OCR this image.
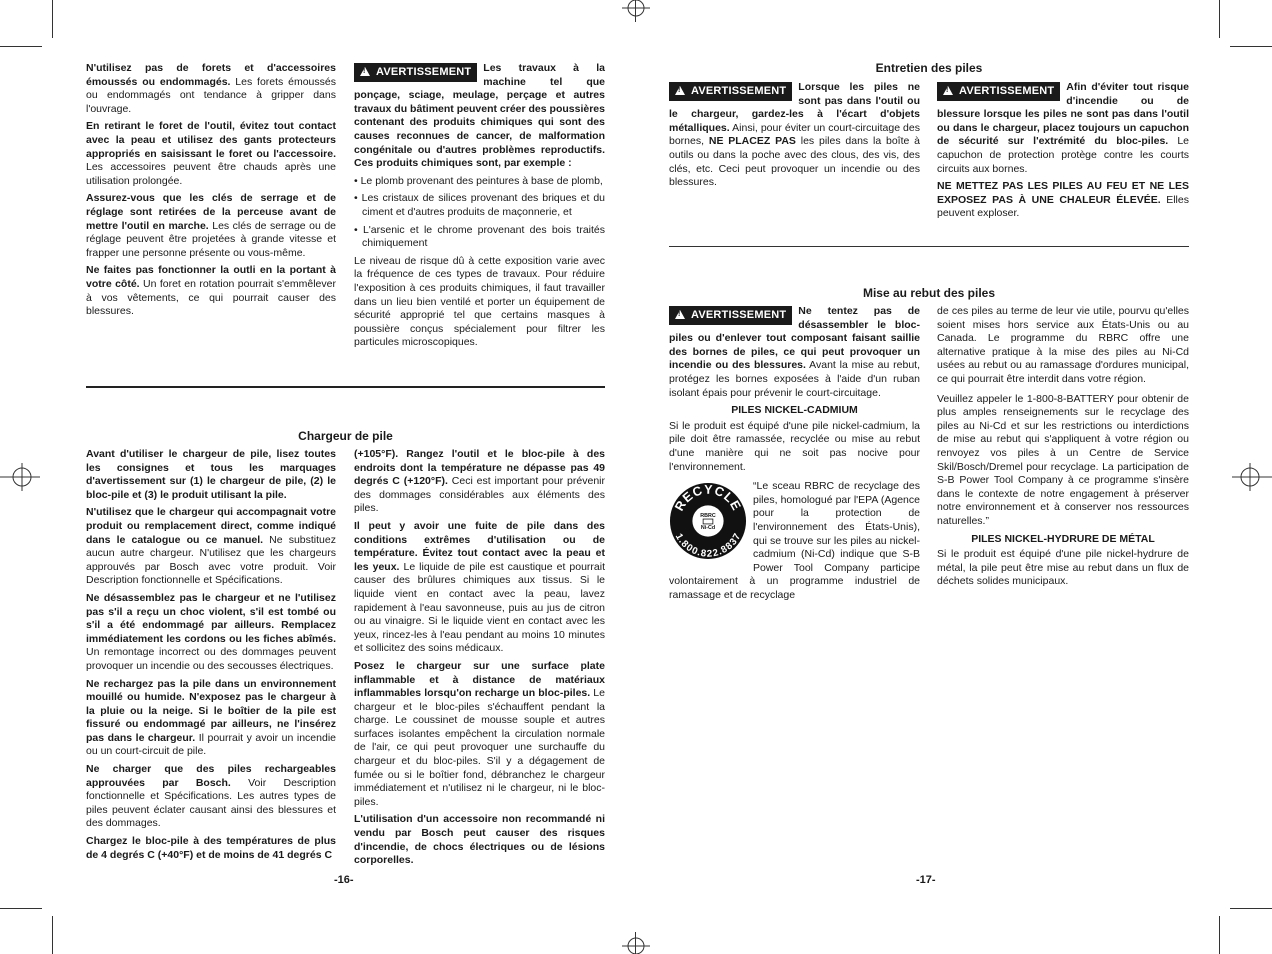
N'utilisez pas de forets et d'accessoires émoussés ou endommagés. Les forets émoussés ou endommagés ont tendance à gripper dans l'ouvrage.

En retirant le foret de l'outil, évitez tout contact avec la peau et utilisez des gants protecteurs appropriés en saisissant le foret ou l'accessoire. Les accessoires peuvent être chauds après une utilisation prolongée.

Assurez-vous que les clés de serrage et de réglage sont retirées de la perceuse avant de mettre l'outil en marche. Les clés de serrage ou de réglage peuvent être projetées à grande vitesse et frapper une personne présente ou vous-même.

Ne faites pas fonctionner la outli en la portant à votre côté. Un foret en rotation pourrait s'emmêlever à vos vêtements, ce qui pourrait causer des blessures.

!AVERTISSEMENT	Les travaux à la machine tel que ponçage, sciage, meulage, perçage et autres travaux du bâtiment peuvent créer des poussières contenant des produits chimiques qui sont des causes reconnues de cancer, de malformation congénitale ou d'autres problèmes reproductifs. Ces produits chimiques sont, par exemple :

• Le plomb provenant des peintures à base de plomb,

• Les cristaux de silices provenant des briques et du ciment et d'autres produits de maçonnerie, et

• L'arsenic et le chrome provenant des bois traités chimiquement

Le niveau de risque dû à cette exposition varie avec la fréquence de ces types de travaux. Pour réduire l'exposition à ces produits chimiques, il faut travailler dans un lieu bien ventilé et porter un équipement de sécurité approprié tel que certains masques à poussière conçus spécialement pour filtrer les particules microscopiques.

Chargeur de pile

Avant d'utiliser le chargeur de pile, lisez toutes les consignes et tous les marquages d'avertissement sur (1) le chargeur de pile, (2) le bloc-pile et (3) le produit utilisant la pile.

N'utilisez que le chargeur qui accompagnait votre produit ou remplacement direct, comme indiqué dans le catalogue ou ce manuel. Ne substituez aucun autre chargeur. N'utilisez que les chargeurs approuvés par Bosch avec votre produit. Voir Description fonctionnelle et Spécifications.

Ne désassemblez pas le chargeur et ne l'utilisez pas s'il a reçu un choc violent, s'il est tombé ou s'il a été endommagé par ailleurs. Remplacez immédiatement les cordons ou les fiches abîmés. Un remontage incorrect ou des dommages peuvent provoquer un incendie ou des secousses électriques.

Ne rechargez pas la pile dans un environnement mouillé ou humide. N'exposez pas le chargeur à la pluie ou la neige. Si le boîtier de la pile est fissuré ou endommagé par ailleurs, ne l'insérez pas dans le chargeur. Il pourrait y avoir un incendie ou un court-circuit de pile.

Ne charger que des piles rechargeables approuvées par Bosch. Voir Description fonctionnelle et Spécifications. Les autres types de piles peuvent éclater causant ainsi des blessures et des dommages.

Chargez le bloc-pile à des températures de plus de 4 degrés C (+40°F) et de moins de 41 degrés C

(+105°F). Rangez l'outil et le bloc-pile à des endroits dont la température ne dépasse pas 49 degrés C (+120°F). Ceci est important pour prévenir des dommages considérables aux éléments des piles.

Il peut y avoir une fuite de pile dans des conditions extrêmes d'utilisation ou de température. Évitez tout contact avec la peau et les yeux. Le liquide de pile est caustique et pourrait causer des brûlures chimiques aux tissus. Si le liquide vient en contact avec la peau, lavez rapidement à l'eau savonneuse, puis au jus de citron ou au vinaigre. Si le liquide vient en contact avec les yeux, rincez-les à l'eau pendant au moins 10 minutes et sollicitez des soins médicaux.

Posez le chargeur sur une surface plate inflammable et à distance de matériaux inflammables lorsqu'on recharge un bloc-piles. Le chargeur et le bloc-piles s'échauffent pendant la charge. Le coussinet de mousse souple et autres surfaces isolantes empêchent la circulation normale de l'air, ce qui peut provoquer une surchauffe du chargeur et du bloc-piles. S'il y a dégagement de fumée ou si le boîtier fond, débranchez le chargeur immédiatement et n'utilisez ni le chargeur, ni le bloc-piles.

L'utilisation d'un accessoire non recommandé ni vendu par Bosch peut causer des risques d'incendie, de chocs électriques ou de lésions corporelles.

-16-
Entretien des piles

!AVERTISSEMENT	Lorsque les piles ne sont pas dans l'outil ou le chargeur, gardez-les à l'écart d'objets métalliques. Ainsi, pour éviter un court-circuitage des bornes, NE PLACEZ PAS les piles dans la boîte à outils ou dans la poche avec des clous, des vis, des clés, etc. Ceci peut provoquer un incendie ou des blessures.

!AVERTISSEMENT	Afin d'éviter tout risque d'incendie ou de blessure lorsque les piles ne sont pas dans l'outil ou dans le chargeur, placez toujours un capuchon de sécurité sur l'extrémité du bloc-piles. Le capuchon de protection protège contre les courts circuits aux bornes.

NE METTEZ PAS LES PILES AU FEU ET NE LES EXPOSEZ PAS À UNE CHALEUR ÉLEVÉE. Elles peuvent exploser.

Mise au rebut des piles

!AVERTISSEMENT	Ne tentez pas de désassembler le bloc-piles ou d'enlever tout composant faisant saillie des bornes de piles, ce qui peut provoquer un incendie ou des blessures. Avant la mise au rebut, protégez les bornes exposées à l'aide d'un ruban isolant épais pour prévenir le court-circuitage.

PILES NICKEL-CADMIUM

Si le produit est équipé d'une pile nickel-cadmium, la pile doit être ramassée, recyclée ou mise au rebut d'une manière qui ne soit pas nocive pour l'environnement.

RECYCLE
1.800.822.8837
RBRC
Ni-Cd
“Le sceau RBRC de recyclage des piles, homologué par l'EPA (Agence pour la protection de l'environnement des États-Unis), qui se trouve sur les piles au nickel-cadmium (Ni-Cd) indique que S-B Power Tool Company participe volontairement à un programme industriel de ramassage et de recyclage

de ces piles au terme de leur vie utile, pourvu qu'elles soient mises hors service aux États-Unis ou au Canada. Le programme du RBRC offre une alternative pratique à la mise des piles au Ni-Cd usées au rebut ou au ramassage d'ordures municipal, ce qui pourrait être interdit dans votre région.

Veuillez appeler le 1-800-8-BATTERY pour obtenir de plus amples renseignements sur le recyclage des piles au Ni-Cd et sur les restrictions ou interdictions de mise au rebut qui s'appliquent à votre région ou renvoyez vos piles à un Centre de Service Skil/Bosch/Dremel pour recyclage. La participation de S-B Power Tool Company à ce programme s'insère dans le contexte de notre engagement à préserver notre environnement et à conserver nos ressources naturelles.”

PILES NICKEL-HYDRURE DE MÉTAL

Si le produit est équipé d'une pile nickel-hydrure de métal, la pile peut être mise au rebut dans un flux de déchets solides municipaux.

-17-
